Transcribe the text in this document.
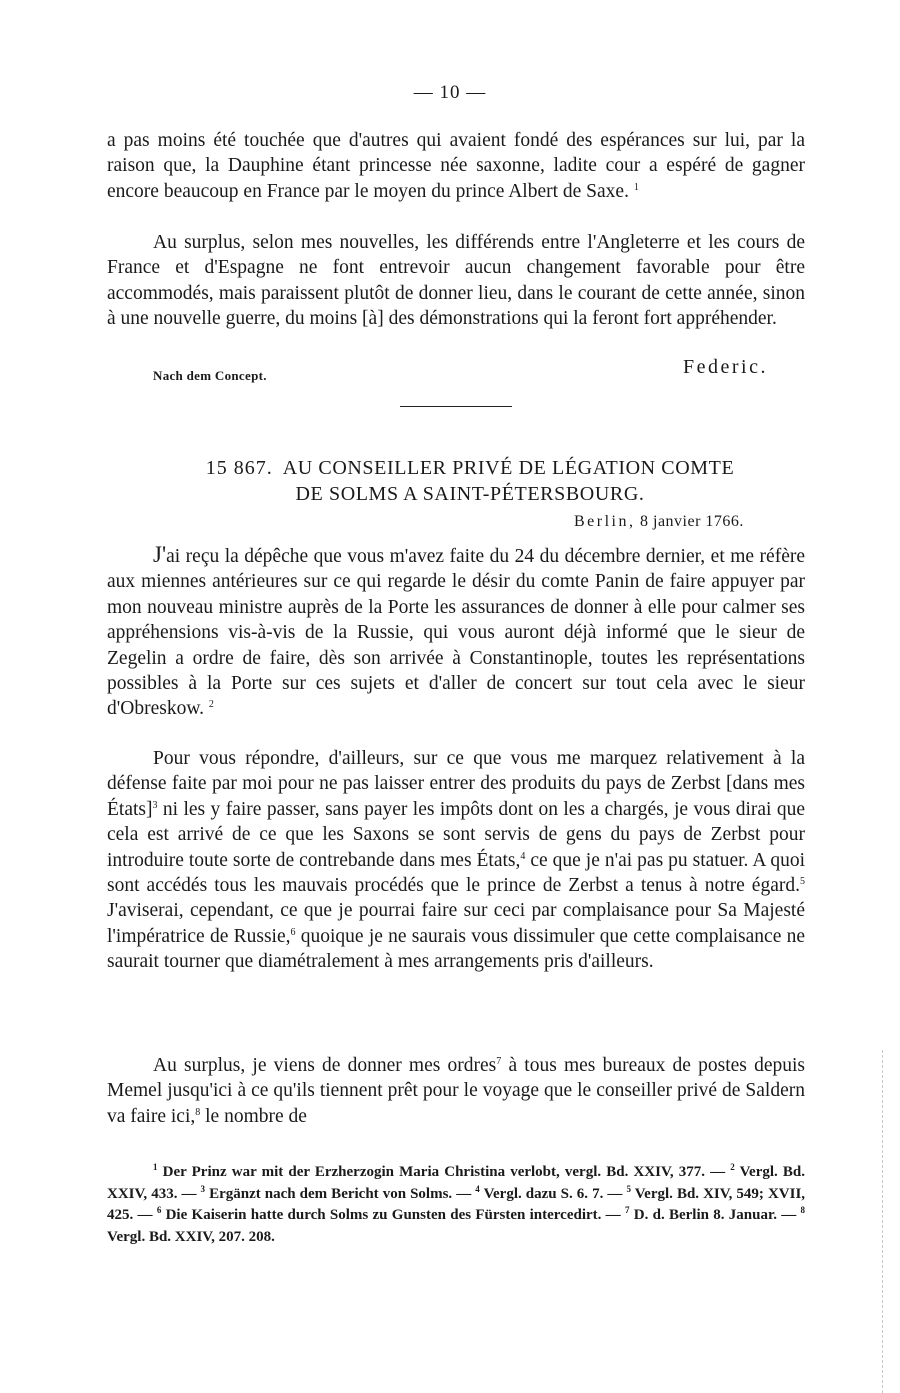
— 10 —
a pas moins été touchée que d'autres qui avaient fondé des espérances sur lui, par la raison que, la Dauphine étant princesse née saxonne, ladite cour a espéré de gagner encore beaucoup en France par le moyen du prince Albert de Saxe. $^1$
Au surplus, selon mes nouvelles, les différends entre l'Angleterre et les cours de France et d'Espagne ne font entrevoir aucun changement favorable pour être accommodés, mais paraissent plutôt de donner lieu, dans le courant de cette année, sinon à une nouvelle guerre, du moins [à] des démonstrations qui la feront fort appréhender.
Nach dem Concept.	Federic.
15 867. AU CONSEILLER PRIVÉ DE LÉGATION COMTE
DE SOLMS A SAINT-PÉTERSBOURG.
Berlin, 8 janvier 1766.
J'ai reçu la dépêche que vous m'avez faite du 24 du décembre dernier, et me réfère aux miennes antérieures sur ce qui regarde le désir du comte Panin de faire appuyer par mon nouveau ministre auprès de la Porte les assurances de donner à elle pour calmer ses appréhensions vis-à-vis de la Russie, qui vous auront déjà informé que le sieur de Zegelin a ordre de faire, dès son arrivée à Constantinople, toutes les représentations possibles à la Porte sur ces sujets et d'aller de concert sur tout cela avec le sieur d'Obreskow. $^2$
Pour vous répondre, d'ailleurs, sur ce que vous me marquez relativement à la défense faite par moi pour ne pas laisser entrer des produits du pays de Zerbst [dans mes États]$^3$ ni les y faire passer, sans payer les impôts dont on les a chargés, je vous dirai que cela est arrivé de ce que les Saxons se sont servis de gens du pays de Zerbst pour introduire toute sorte de contrebande dans mes États,$^4$ ce que je n'ai pas pu statuer. A quoi sont accédés tous les mauvais procédés que le prince de Zerbst a tenus à notre égard.$^5$ J'aviserai, cependant, ce que je pourrai faire sur ceci par complaisance pour Sa Majesté l'impératrice de Russie,$^6$ quoique je ne saurais vous dissimuler que cette complaisance ne saurait tourner que diamétralement à mes arrangements pris d'ailleurs.
Au surplus, je viens de donner mes ordres$^7$ à tous mes bureaux de postes depuis Memel jusqu'ici à ce qu'ils tiennent prêt pour le voyage que le conseiller privé de Saldern va faire ici,$^8$ le nombre de
$^1$ Der Prinz war mit der Erzherzogin Maria Christina verlobt, vergl. Bd. XXIV, 377. — $^2$ Vergl. Bd. XXIV, 433. — $^3$ Ergänzt nach dem Bericht von Solms. — $^4$ Vergl. dazu S. 6. 7. — $^5$ Vergl. Bd. XIV, 549; XVII, 425. — $^6$ Die Kaiserin hatte durch Solms zu Gunsten des Fürsten intercedirt. — $^7$ D. d. Berlin 8. Januar. — $^8$ Vergl. Bd. XXIV, 207. 208.
